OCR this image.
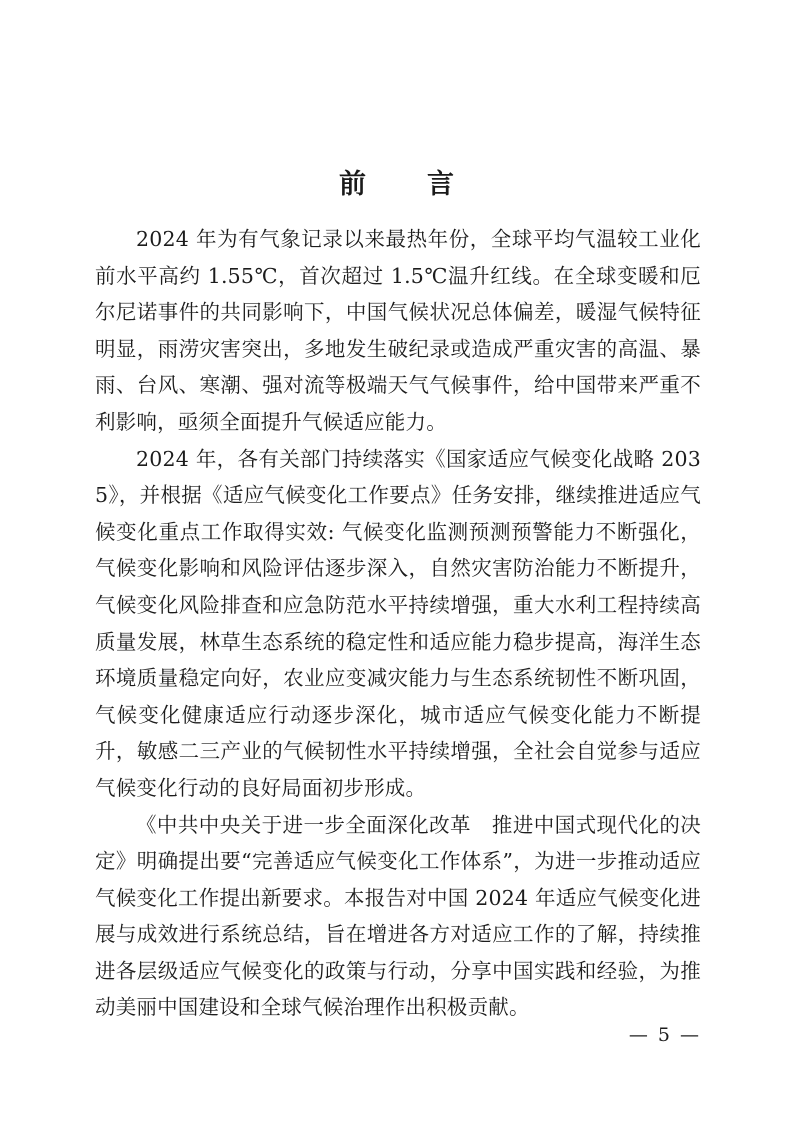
前　言

2024 年为有气象记录以来最热年份，全球平均气温较工业化前水平高约 1.55℃，首次超过 1.5℃温升红线。在全球变暖和厄尔尼诺事件的共同影响下，中国气候状况总体偏差，暖湿气候特征明显，雨涝灾害突出，多地发生破纪录或造成严重灾害的高温、暴雨、台风、寒潮、强对流等极端天气气候事件，给中国带来严重不利影响，亟须全面提升气候适应能力。

2024 年，各有关部门持续落实《国家适应气候变化战略 2035》，并根据《适应气候变化工作要点》任务安排，继续推进适应气候变化重点工作取得实效: 气候变化监测预测预警能力不断强化，气候变化影响和风险评估逐步深入，自然灾害防治能力不断提升，气候变化风险排查和应急防范水平持续增强，重大水利工程持续高质量发展，林草生态系统的稳定性和适应能力稳步提高，海洋生态环境质量稳定向好，农业应变减灾能力与生态系统韧性不断巩固，气候变化健康适应行动逐步深化，城市适应气候变化能力不断提升，敏感二三产业的气候韧性水平持续增强，全社会自觉参与适应气候变化行动的良好局面初步形成。

《中共中央关于进一步全面深化改革　推进中国式现代化的决定》明确提出要“完善适应气候变化工作体系”，为进一步推动适应气候变化工作提出新要求。本报告对中国 2024 年适应气候变化进展与成效进行系统总结，旨在增进各方对适应工作的了解，持续推进各层级适应气候变化的政策与行动，分享中国实践和经验，为推动美丽中国建设和全球气候治理作出积极贡献。

— 5 —
